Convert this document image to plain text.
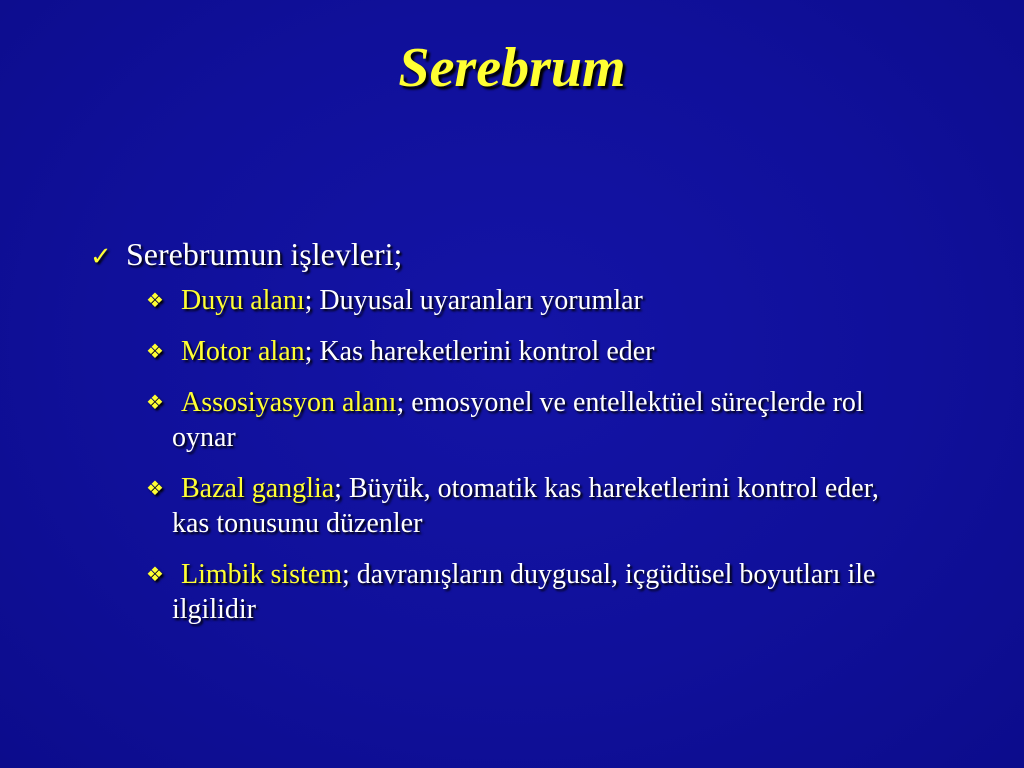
Serebrum
✓ Serebrumun işlevleri;
❖ Duyu alanı; Duyusal uyaranları yorumlar
❖ Motor alan; Kas hareketlerini kontrol eder
❖ Assosiyasyon alanı; emosyonel ve entellektüel süreçlerde rol oynar
❖ Bazal ganglia; Büyük, otomatik kas hareketlerini kontrol eder, kas tonusunu düzenler
❖ Limbik sistem; davranışların duygusal, içgüdüsel boyutları ile ilgilidir
